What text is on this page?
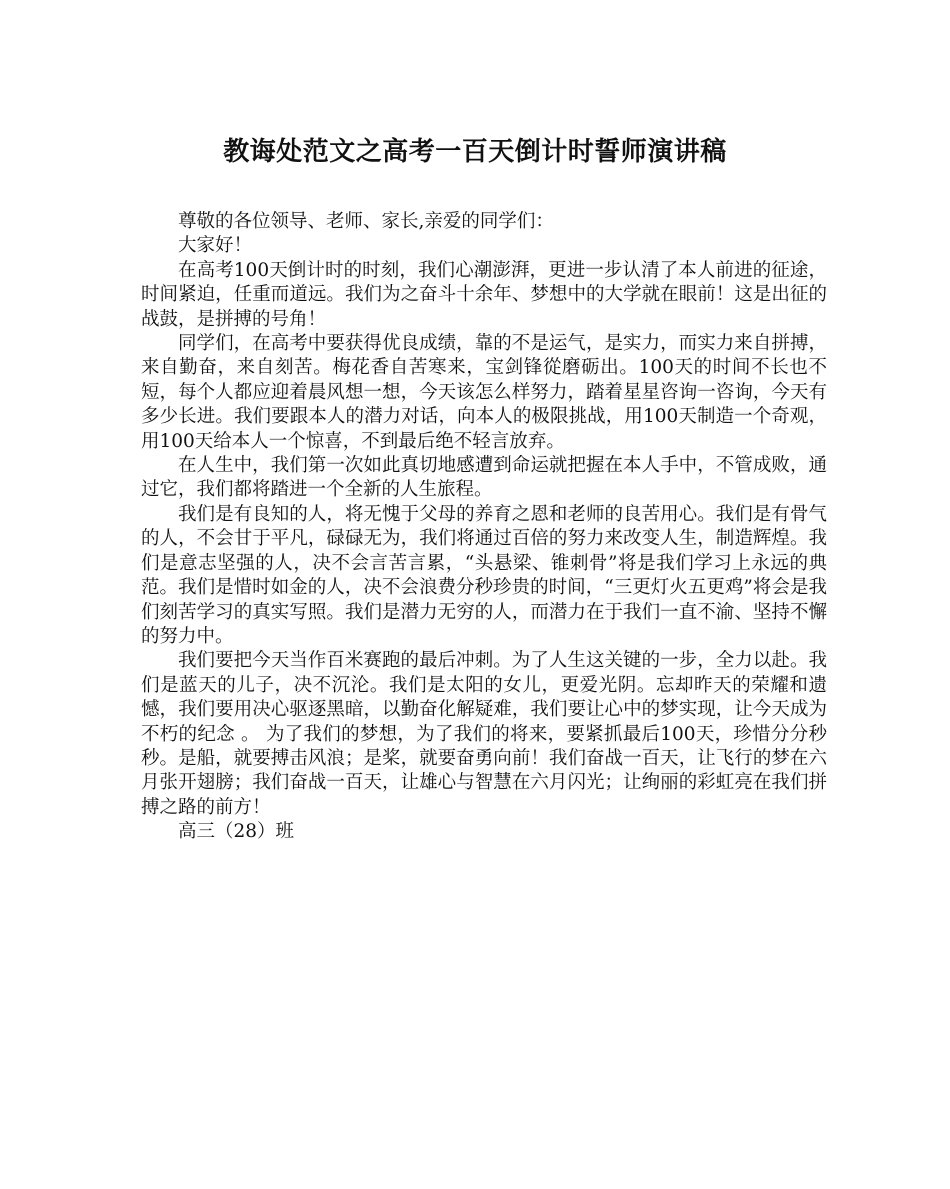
教诲处范文之高考一百天倒计时誓师演讲稿

尊敬的各位领导、老师、家长,亲爱的同学们：

大家好！

在高考100天倒计时的时刻，我们心潮澎湃，更进一步认清了本人前进的征途，时间紧迫，任重而道远。我们为之奋斗十余年、梦想中的大学就在眼前！这是出征的战鼓，是拼搏的号角！

同学们，在高考中要获得优良成绩，靠的不是运气，是实力，而实力来自拼搏，来自勤奋，来自刻苦。梅花香自苦寒来，宝剑锋從磨砺出。100天的时间不长也不短，每个人都应迎着晨风想一想，今天该怎么样努力，踏着星星咨询一咨询，今天有多少长进。我们要跟本人的潜力对话，向本人的极限挑战，用100天制造一个奇观，用100天给本人一个惊喜，不到最后绝不轻言放弃。

在人生中，我们第一次如此真切地感遭到命运就把握在本人手中，不管成败，通过它，我们都将踏进一个全新的人生旅程。

我们是有良知的人，将无愧于父母的养育之恩和老师的良苦用心。我们是有骨气的人，不会甘于平凡，碌碌无为，我们将通过百倍的努力来改变人生，制造辉煌。我们是意志坚强的人，决不会言苦言累，“头悬梁、锥刺骨”将是我们学习上永远的典范。我们是惜时如金的人，决不会浪费分秒珍贵的时间，“三更灯火五更鸡”将会是我们刻苦学习的真实写照。我们是潜力无穷的人，而潜力在于我们一直不渝、坚持不懈的努力中。

我们要把今天当作百米赛跑的最后冲刺。为了人生这关键的一步，全力以赴。我们是蓝天的儿子，决不沉沦。我们是太阳的女儿，更爱光阴。忘却昨天的荣耀和遗憾，我们要用决心驱逐黑暗，以勤奋化解疑难，我们要让心中的梦实现，让今天成为不朽的纪念 。 为了我们的梦想，为了我们的将来，要紧抓最后100天，珍惜分分秒秒。是船，就要搏击风浪；是桨，就要奋勇向前！我们奋战一百天，让飞行的梦在六月张开翅膀；我们奋战一百天，让雄心与智慧在六月闪光；让绚丽的彩虹亮在我们拼搏之路的前方！

高三（28）班
